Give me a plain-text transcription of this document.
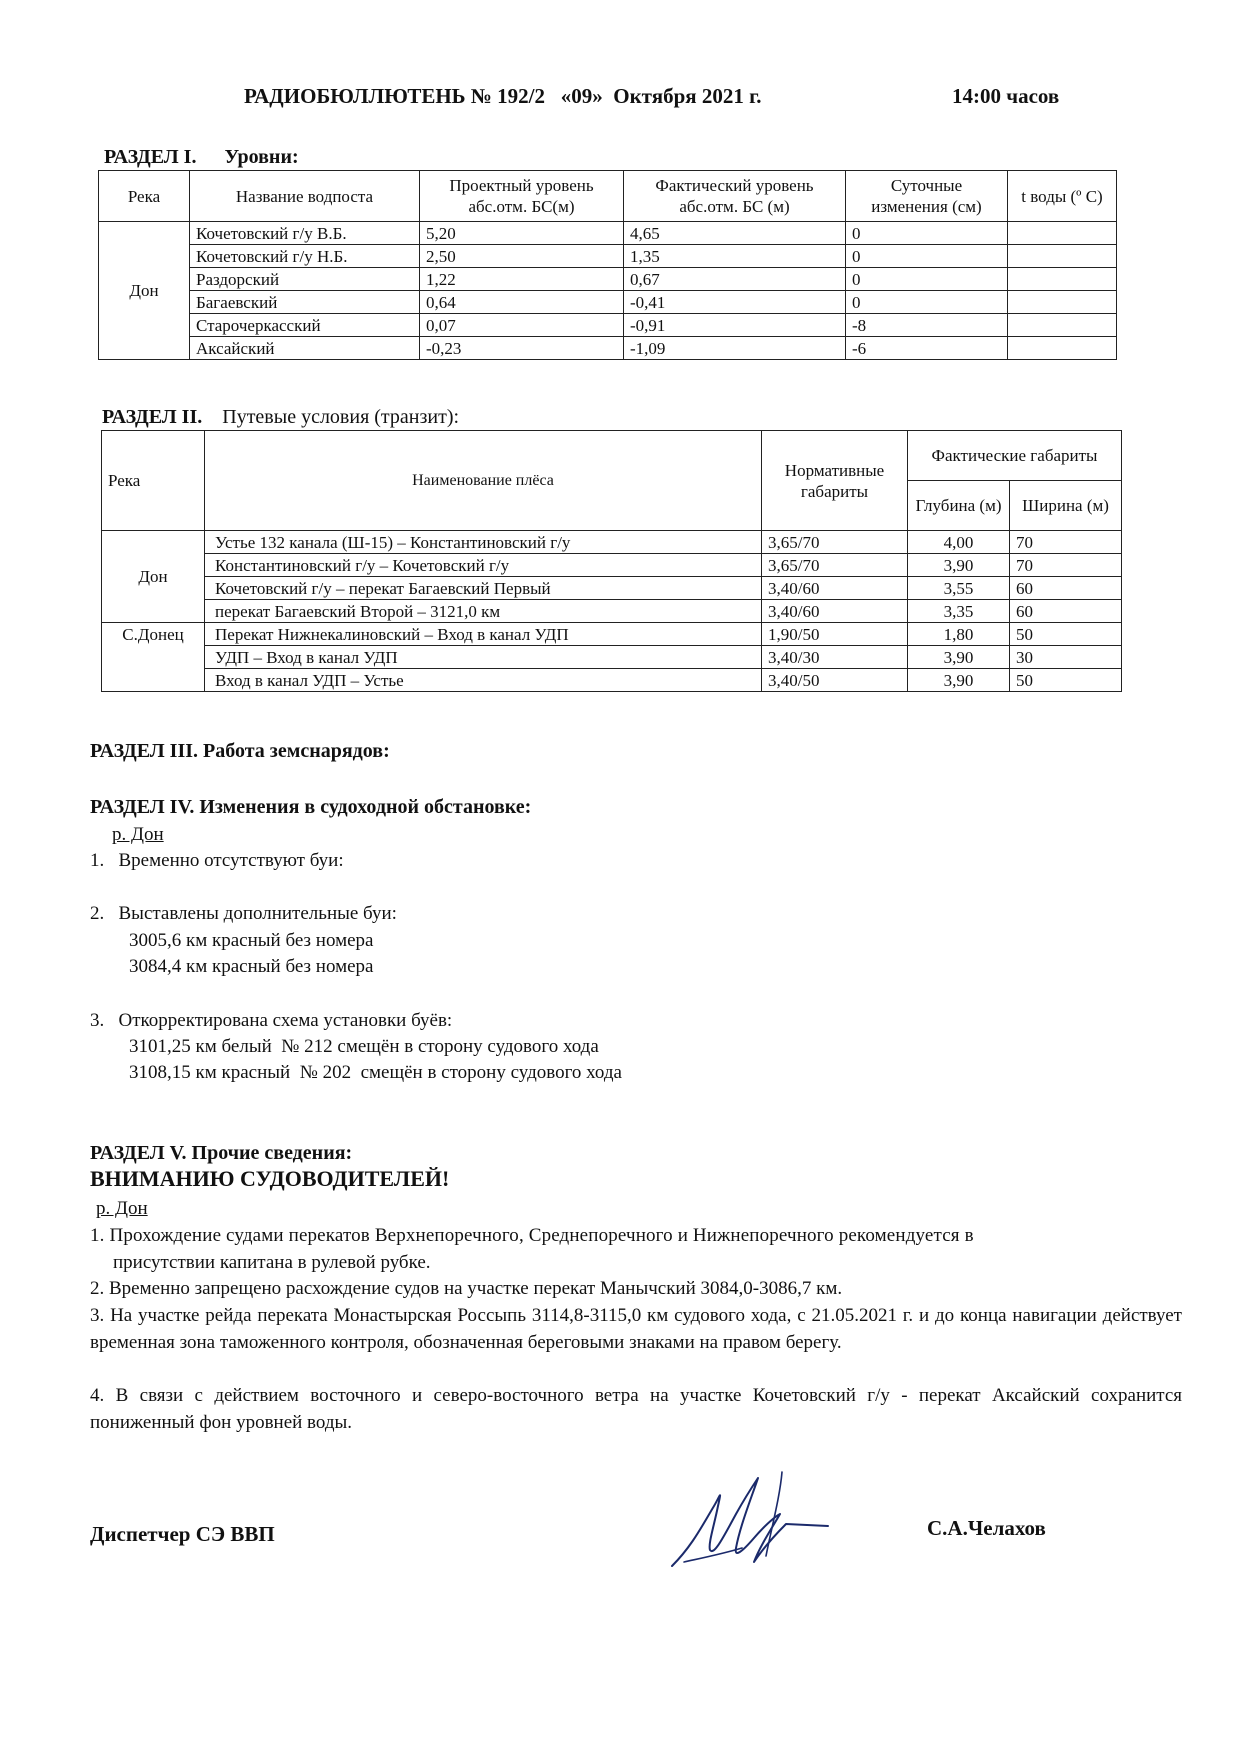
РАДИОБЮЛЛЮТЕНЬ № 192/2   «09»  Октября 2021 г.	14:00 часов
РАЗДЕЛ I. Уровни:
Река	Название водпоста	Проектный уровень абс.отм. БС(м)	Фактический уровень абс.отм. БС (м)	Суточные изменения (см)	t воды (º С)
Дон	Кочетовский г/у В.Б.	5,20	4,65	0	
	Кочетовский г/у Н.Б.	2,50	1,35	0	
	Раздорский	1,22	0,67	0	
	Багаевский	0,64	-0,41	0	
	Старочеркасский	0,07	-0,91	-8	
	Аксайский	-0,23	-1,09	-6	
РАЗДЕЛ II. Путевые условия (транзит):
Река	Наименование плёса	Нормативные габариты	Фактические габариты	
			Глубина (м)	Ширина (м)
Дон	Устье 132 канала (Ш-15) – Константиновский г/у	3,65/70	4,00	70
	Константиновский г/у – Кочетовский г/у	3,65/70	3,90	70
	Кочетовский г/у – перекат Багаевский Первый	3,40/60	3,55	60
	перекат Багаевский Второй – 3121,0 км	3,40/60	3,35	60
С.Донец	Перекат Нижнекалиновский – Вход в канал УДП	1,90/50	1,80	50
	УДП – Вход в канал УДП	3,40/30	3,90	30
	Вход в канал УДП – Устье	3,40/50	3,90	50
РАЗДЕЛ III. Работа земснарядов:
РАЗДЕЛ IV. Изменения в судоходной обстановке:
р. Дон
1.   Временно отсутствуют буи:
2.   Выставлены дополнительные буи:
3005,6 км красный без номера
3084,4 км красный без номера
3.   Откорректирована схема установки буёв:
3101,25 км белый  № 212 смещён в сторону судового хода
3108,15 км красный  № 202  смещён в сторону судового хода
РАЗДЕЛ V. Прочие сведения:
ВНИМАНИЮ СУДОВОДИТЕЛЕЙ!
р. Дон
1. Прохождение судами перекатов Верхнепоречного, Среднепоречного и Нижнепоречного рекомендуется в
присутствии капитана в рулевой рубке.
2. Временно запрещено расхождение судов на участке перекат Манычский 3084,0-3086,7 км.
3. На участке рейда переката Монастырская Россыпь 3114,8-3115,0 км судового хода, с 21.05.2021 г. и до конца навигации действует временная зона таможенного контроля, обозначенная береговыми знаками на правом берегу.
4. В связи с действием восточного и северо-восточного ветра на участке Кочетовский г/у - перекат Аксайский сохранится пониженный фон уровней воды.
Диспетчер СЭ ВВП	С.А.Челахов
